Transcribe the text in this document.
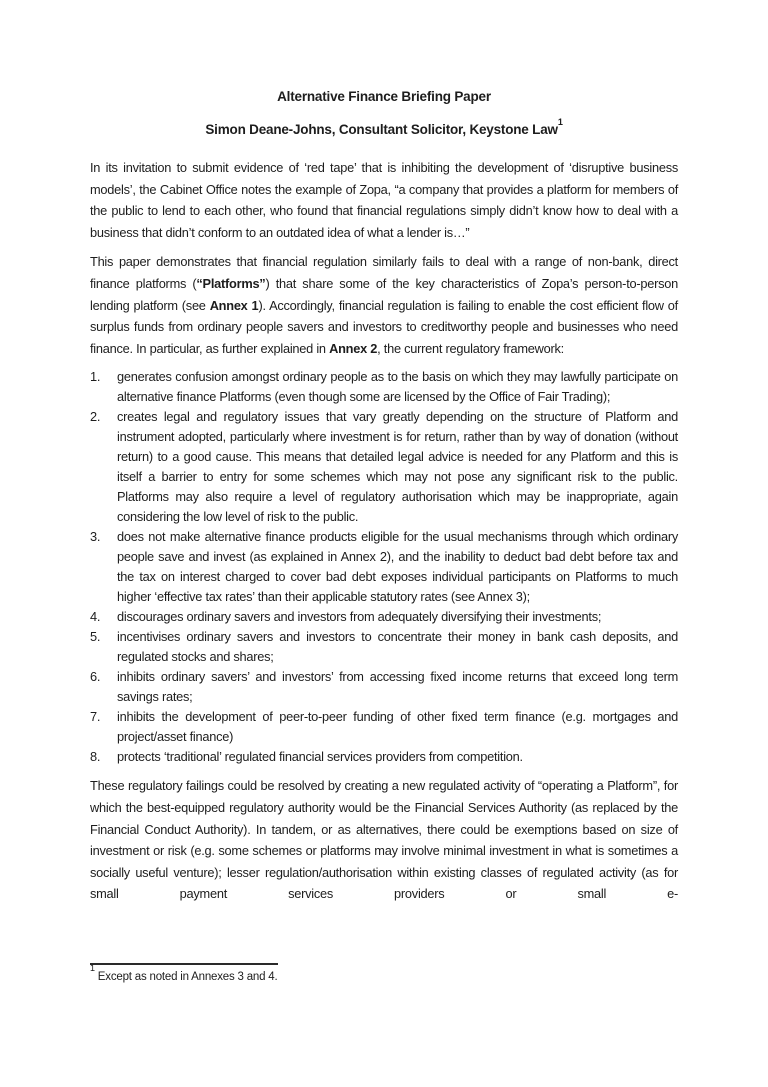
Alternative Finance Briefing Paper
Simon Deane-Johns, Consultant Solicitor, Keystone Law$^1$

In its invitation to submit evidence of ‘red tape’ that is inhibiting the development of ‘disruptive business models’, the Cabinet Office notes the example of Zopa, “a company that provides a platform for members of the public to lend to each other, who found that financial regulations simply didn’t know how to deal with a business that didn’t conform to an outdated idea of what a lender is…”

This paper demonstrates that financial regulation similarly fails to deal with a range of non-bank, direct finance platforms (“Platforms”) that share some of the key characteristics of Zopa’s person-to-person lending platform (see Annex 1). Accordingly, financial regulation is failing to enable the cost efficient flow of surplus funds from ordinary people savers and investors to creditworthy people and businesses who need finance. In particular, as further explained in Annex 2, the current regulatory framework:

1.	generates confusion amongst ordinary people as to the basis on which they may lawfully participate on alternative finance Platforms (even though some are licensed by the Office of Fair Trading);
2.	creates legal and regulatory issues that vary greatly depending on the structure of Platform and instrument adopted, particularly where investment is for return, rather than by way of donation (without return) to a good cause. This means that detailed legal advice is needed for any Platform and this is itself a barrier to entry for some schemes which may not pose any significant risk to the public. Platforms may also require a level of regulatory authorisation which may be inappropriate, again considering the low level of risk to the public.
3.	does not make alternative finance products eligible for the usual mechanisms through which ordinary people save and invest (as explained in Annex 2), and the inability to deduct bad debt before tax and the tax on interest charged to cover bad debt exposes individual participants on Platforms to much higher ‘effective tax rates’ than their applicable statutory rates (see Annex 3);
4.	discourages ordinary savers and investors from adequately diversifying their investments;
5.	incentivises ordinary savers and investors to concentrate their money in bank cash deposits, and regulated stocks and shares;
6.	inhibits ordinary savers’ and investors’ from accessing fixed income returns that exceed long term savings rates;
7.	inhibits the development of peer-to-peer funding of other fixed term finance (e.g. mortgages and project/asset finance)
8.	protects ‘traditional’ regulated financial services providers from competition.

These regulatory failings could be resolved by creating a new regulated activity of “operating a Platform”, for which the best-equipped regulatory authority would be the Financial Services Authority (as replaced by the Financial Conduct Authority). In tandem, or as alternatives, there could be exemptions based on size of investment or risk (e.g. some schemes or platforms may involve minimal investment in what is sometimes a socially useful venture); lesser regulation/authorisation within existing classes of regulated activity (as for small payment services providers or small e-

$^1$ Except as noted in Annexes 3 and 4.
